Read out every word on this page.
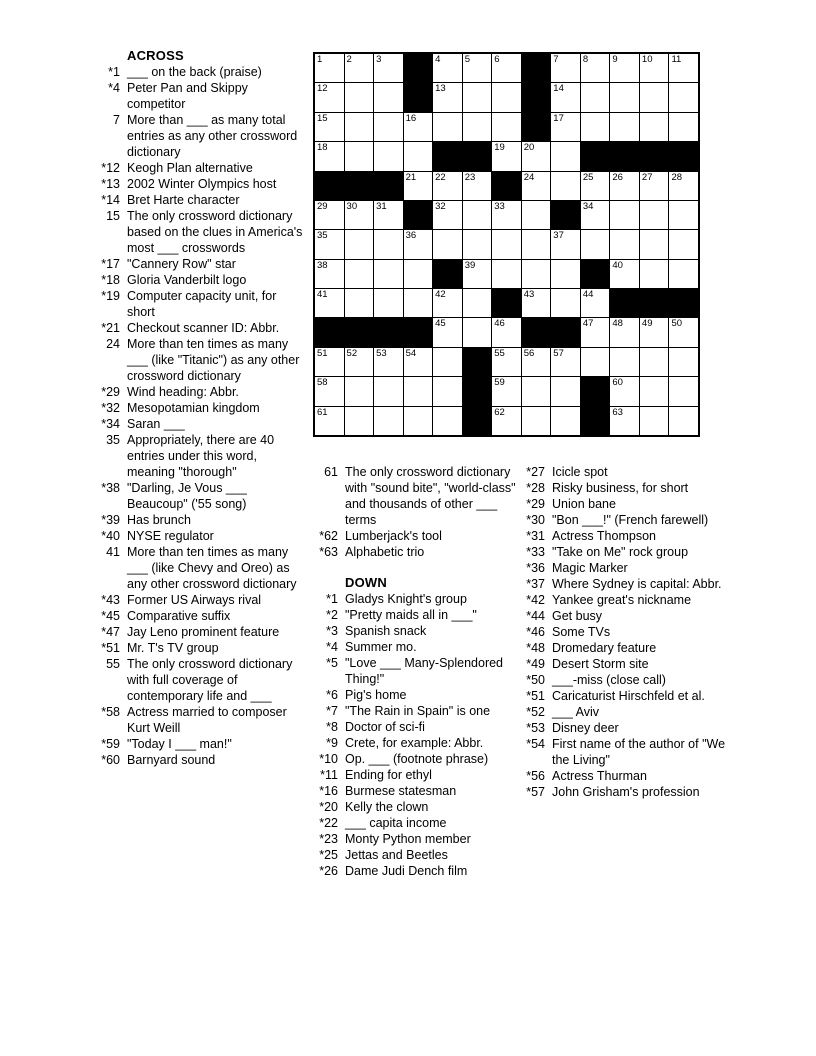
1	2	3	4	5	6	7	8	9	10 11
12	13	14
15	16	17
18	19 20
21 22 23	24	25 26 27 28
29 30 31	32	33	34
35	36	37
38	39	40
41	42	43	44
45	46	47 48 49 50
51 52 53 54	55 56 57
58	59	60
61	62	63
ACROSS
*1 ___ on the back (praise)
*4 Peter Pan and Skippy competitor
7 More than ___ as many total entries as any other crossword dictionary
*12 Keogh Plan alternative
*13 2002 Winter Olympics host
*14 Bret Harte character
15 The only crossword dictionary based on the clues in America's most ___ crosswords
*17 "Cannery Row" star
*18 Gloria Vanderbilt logo
*19 Computer capacity unit, for short
*21 Checkout scanner ID: Abbr.
24 More than ten times as many ___ (like "Titanic") as any other crossword dictionary
*29 Wind heading: Abbr.
*32 Mesopotamian kingdom
*34 Saran ___
35 Appropriately, there are 40 entries under this word, meaning "thorough"
*38 "Darling, Je Vous ___ Beaucoup" ('55 song)
*39 Has brunch
*40 NYSE regulator
41 More than ten times as many ___ (like Chevy and Oreo) as any other crossword dictionary
*43 Former US Airways rival
*45 Comparative suffix
*47 Jay Leno prominent feature
*51 Mr. T's TV group
55 The only crossword dictionary with full coverage of contemporary life and ___
*58 Actress married to composer Kurt Weill
*59 "Today I ___ man!"
*60 Barnyard sound
61 The only crossword dictionary with "sound bite", "world-class" and thousands of other ___ terms
*62 Lumberjack's tool
*63 Alphabetic trio
DOWN
*1 Gladys Knight's group
*2 "Pretty maids all in ___"
*3 Spanish snack
*4 Summer mo.
*5 "Love ___ Many-Splendored Thing!"
*6 Pig's home
*7 "The Rain in Spain" is one
*8 Doctor of sci-fi
*9 Crete, for example: Abbr.
*10 Op. ___ (footnote phrase)
*11 Ending for ethyl
*16 Burmese statesman
*20 Kelly the clown
*22 ___ capita income
*23 Monty Python member
*25 Jettas and Beetles
*26 Dame Judi Dench film
*27 Icicle spot
*28 Risky business, for short
*29 Union bane
*30 "Bon ___!" (French farewell)
*31 Actress Thompson
*33 "Take on Me" rock group
*36 Magic Marker
*37 Where Sydney is capital: Abbr.
*42 Yankee great's nickname
*44 Get busy
*46 Some TVs
*48 Dromedary feature
*49 Desert Storm site
*50 ___-miss (close call)
*51 Caricaturist Hirschfeld et al.
*52 ___ Aviv
*53 Disney deer
*54 First name of the author of "We the Living"
*56 Actress Thurman
*57 John Grisham's profession
